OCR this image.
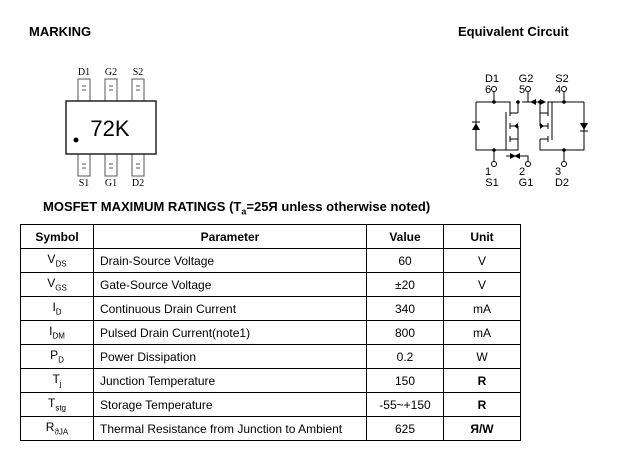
MARKING	Equivalent Circuit
D1 G2 S2
72K
S1 G1 D2
D1 G2 S2
6	5	4
1	2	3
S1 G1 D2
MOSFET MAXIMUM RATINGS ($T_a=25Я$ unless otherwise noted)
Symbol	Parameter	Value	Unit
$V_{DS}$	Drain-Source Voltage	60	V
$V_{GS}$	Gate-Source Voltage	±20	V
$I_D$	Continuous Drain Current	340	mA
$I_{DM}$	Pulsed Drain Current(note1)	800	mA
$P_D$	Power Dissipation	0.2	W
$T_j$	Junction Temperature	150	R
$T_{stg}$	Storage Temperature	-55~+150	R
$R_{ϑJA}$	Thermal Resistance from Junction to Ambient	625	Я/W
